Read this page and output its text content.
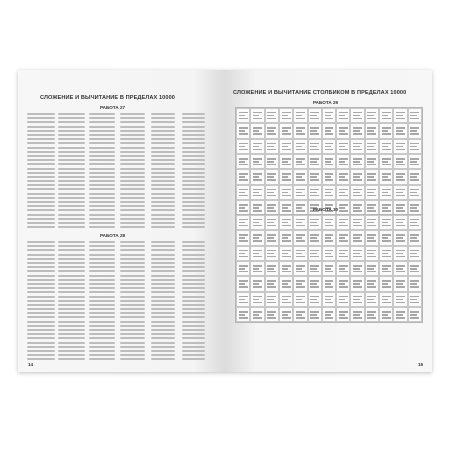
СЛОЖЕНИЕ И ВЫЧИТАНИЕ В ПРЕДЕЛАХ 10000
РАБОТА 27
РАБОТА 28
14
СЛОЖЕНИЕ И ВЫЧИТАНИЕ СТОЛБИКОМ В ПРЕДЕЛАХ 10000
РАБОТА 29
РАБОТА 30
15
